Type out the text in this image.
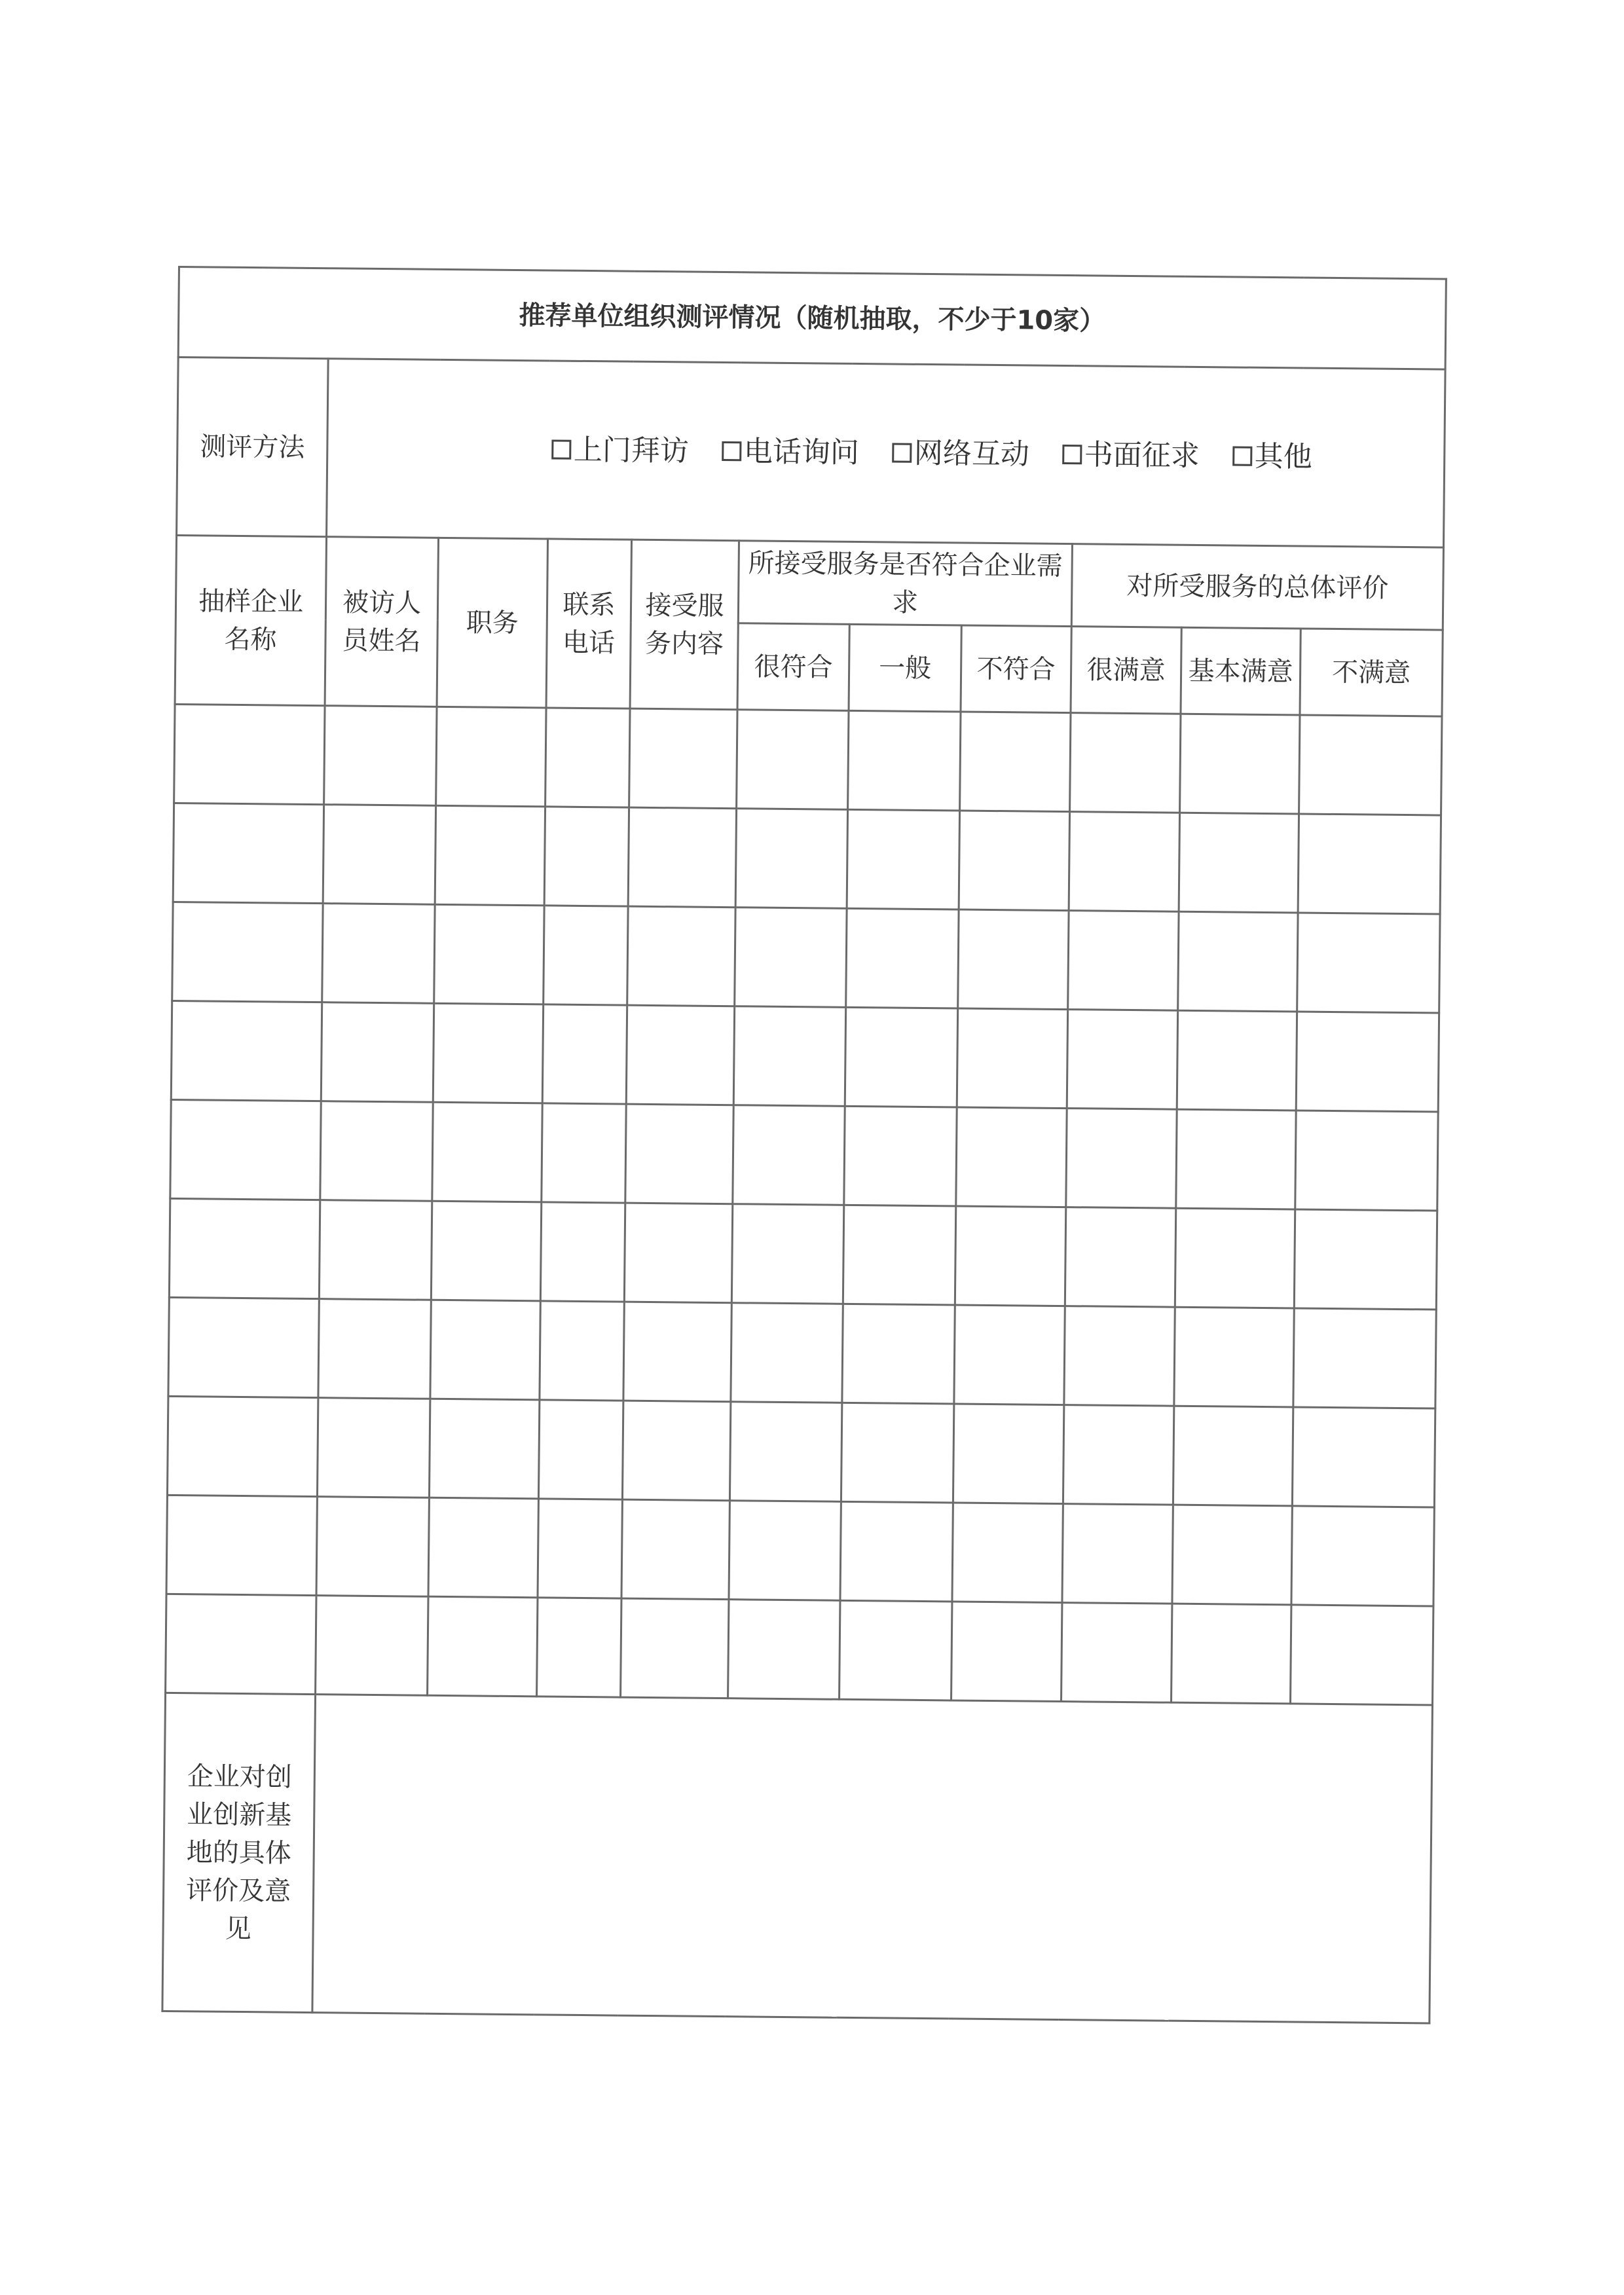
推荐单位组织测评情况（随机抽取，不少于10家）										
测评方法	上门拜访 电话询问 网络互动 书面征求 其他									

抽样企业名称	被访人员姓名	职务	联系电话	接受服务内容	所接受服务是否符合企业需求			对所受服务的总体评价		
					很符合	一般	不符合	很满意	基本满意	不满意

企业对创业创新基地的具体评价及意见										
